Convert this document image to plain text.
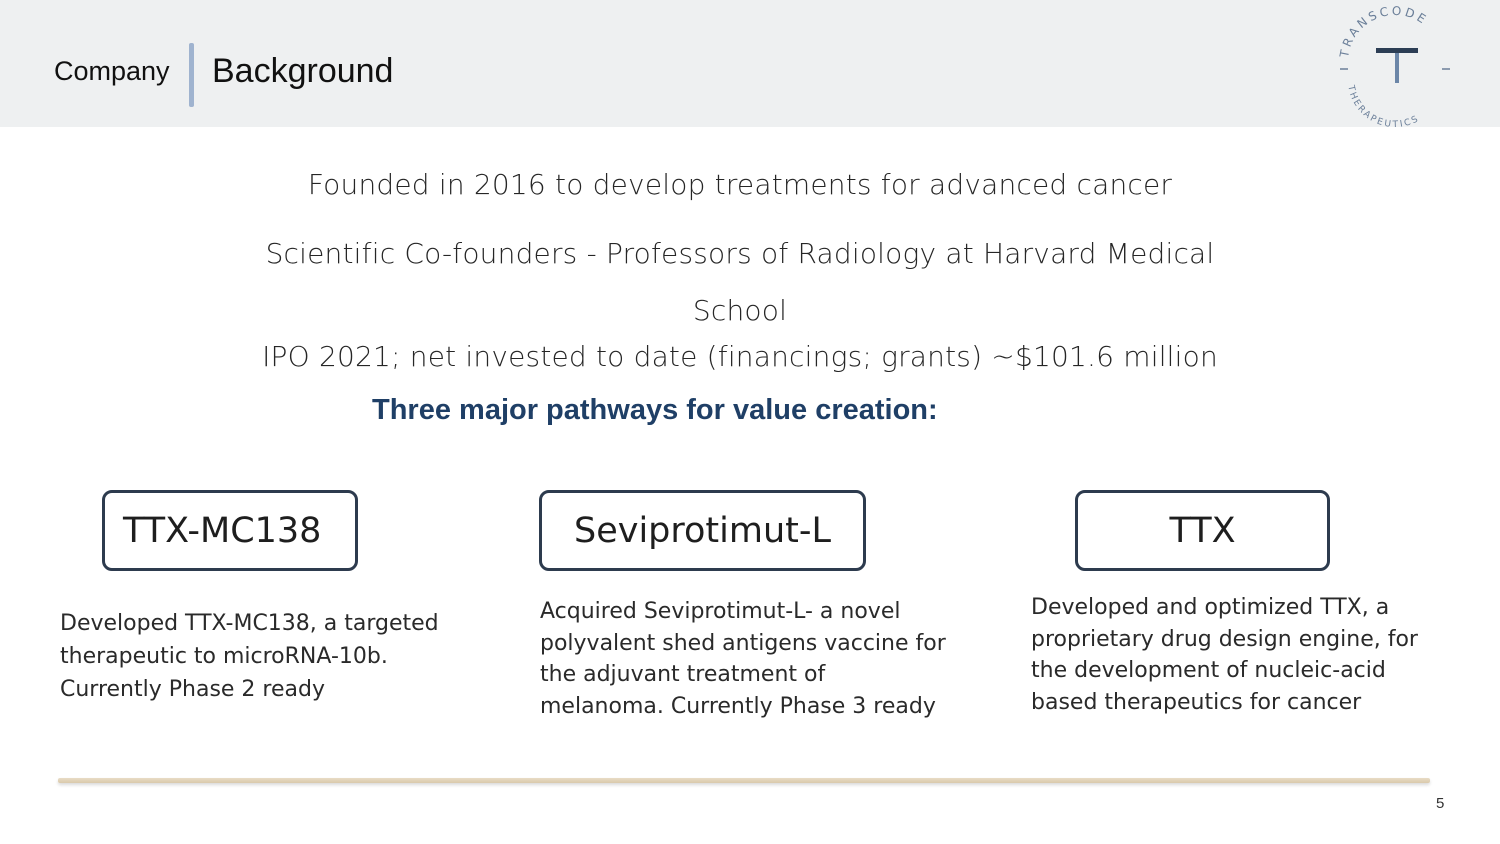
Company Background	TRANSCODE
THERAPEUTICS
Founded in 2016 to develop treatments for advanced cancer
Scientific Co-founders - Professors of Radiology at Harvard Medical School
IPO 2021; net invested to date (financings; grants) ~$101.6 million
Three major pathways for value creation:
TTX-MC138	Seviprotimut-L	TTX
Developed TTX-MC138, a targeted therapeutic to microRNA-10b. Currently Phase 2 ready
Acquired Seviprotimut-L- a novel polyvalent shed antigens vaccine for the adjuvant treatment of melanoma. Currently Phase 3 ready
Developed and optimized TTX, a proprietary drug design engine, for the development of nucleic-acid based therapeutics for cancer
5
